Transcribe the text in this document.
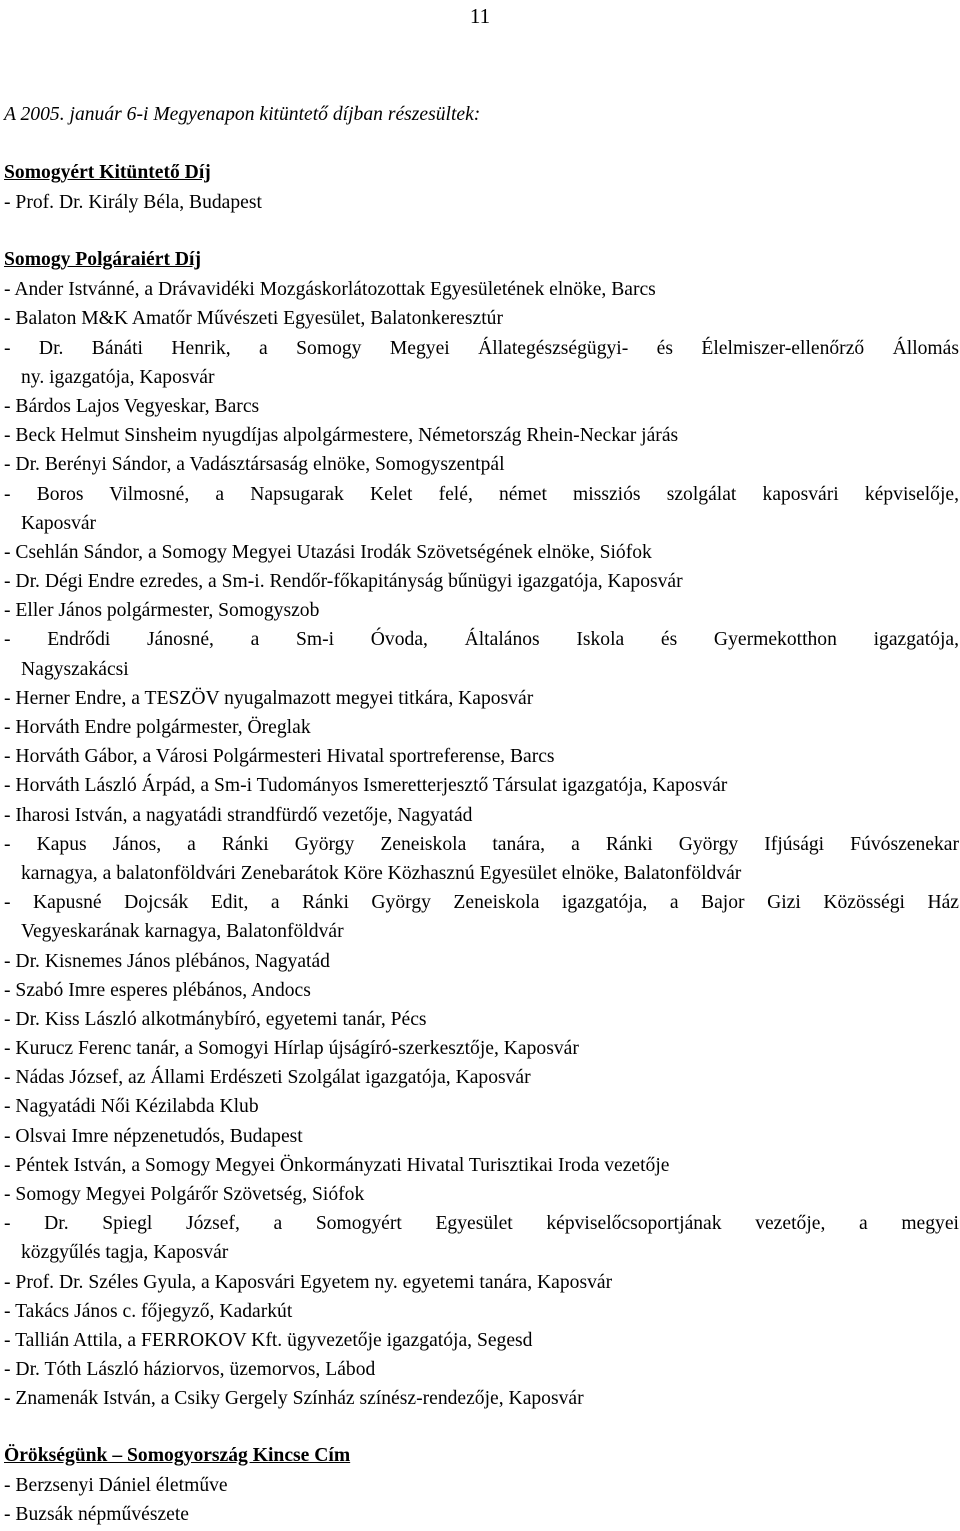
11
A 2005. január 6-i Megyenapon kitüntető díjban részesültek:
Somogyért Kitüntető Díj
- Prof. Dr. Király Béla, Budapest
Somogy Polgáraiért Díj
- Ander Istvánné, a Drávavidéki Mozgáskorlátozottak Egyesületének elnöke, Barcs
- Balaton M&K Amatőr Művészeti Egyesület, Balatonkeresztúr
- Dr. Bánáti Henrik, a Somogy Megyei Állategészségügyi- és Élelmiszer-ellenőrző Állomás
ny. igazgatója, Kaposvár
- Bárdos Lajos Vegyeskar, Barcs
- Beck Helmut Sinsheim nyugdíjas alpolgármestere, Németország Rhein-Neckar járás
- Dr. Berényi Sándor, a Vadásztársaság elnöke, Somogyszentpál
- Boros Vilmosné, a Napsugarak Kelet felé, német missziós szolgálat kaposvári képviselője,
Kaposvár
- Csehlán Sándor, a Somogy Megyei Utazási Irodák Szövetségének elnöke, Siófok
- Dr. Dégi Endre ezredes, a Sm-i. Rendőr-főkapitányság bűnügyi igazgatója, Kaposvár
- Eller János polgármester, Somogyszob
- Endrődi Jánosné, a Sm-i Óvoda, Általános Iskola és Gyermekotthon igazgatója,
Nagyszakácsi
- Herner Endre, a TESZÖV nyugalmazott megyei titkára, Kaposvár
- Horváth Endre polgármester, Öreglak
- Horváth Gábor, a Városi Polgármesteri Hivatal sportreferense, Barcs
- Horváth László Árpád, a Sm-i Tudományos Ismeretterjesztő Társulat igazgatója, Kaposvár
- Iharosi István, a nagyatádi strandfürdő vezetője, Nagyatád
- Kapus János, a Ránki György Zeneiskola tanára, a Ránki György Ifjúsági Fúvószenekar
karnagya, a balatonföldvári Zenebarátok Köre Közhasznú Egyesület elnöke, Balatonföldvár
- Kapusné Dojcsák Edit, a Ránki György Zeneiskola igazgatója, a Bajor Gizi Közösségi Ház
Vegyeskarának karnagya, Balatonföldvár
- Dr. Kisnemes János plébános, Nagyatád
- Szabó Imre esperes plébános, Andocs
- Dr. Kiss László alkotmánybíró, egyetemi tanár, Pécs
- Kurucz Ferenc tanár, a Somogyi Hírlap újságíró-szerkesztője, Kaposvár
- Nádas József, az Állami Erdészeti Szolgálat igazgatója, Kaposvár
- Nagyatádi Női Kézilabda Klub
- Olsvai Imre népzenetudós, Budapest
- Péntek István, a Somogy Megyei Önkormányzati Hivatal Turisztikai Iroda vezetője
- Somogy Megyei Polgárőr Szövetség, Siófok
- Dr. Spiegl József, a Somogyért Egyesület képviselőcsoportjának vezetője, a megyei
közgyűlés tagja, Kaposvár
- Prof. Dr. Széles Gyula, a Kaposvári Egyetem ny. egyetemi tanára, Kaposvár
- Takács János c. főjegyző, Kadarkút
- Tallián Attila, a FERROKOV Kft. ügyvezetője igazgatója, Segesd
- Dr. Tóth László háziorvos, üzemorvos, Lábod
- Znamenák István, a Csiky Gergely Színház színész-rendezője, Kaposvár
Örökségünk – Somogyország Kincse Cím
- Berzsenyi Dániel életműve
- Buzsák népművészete
